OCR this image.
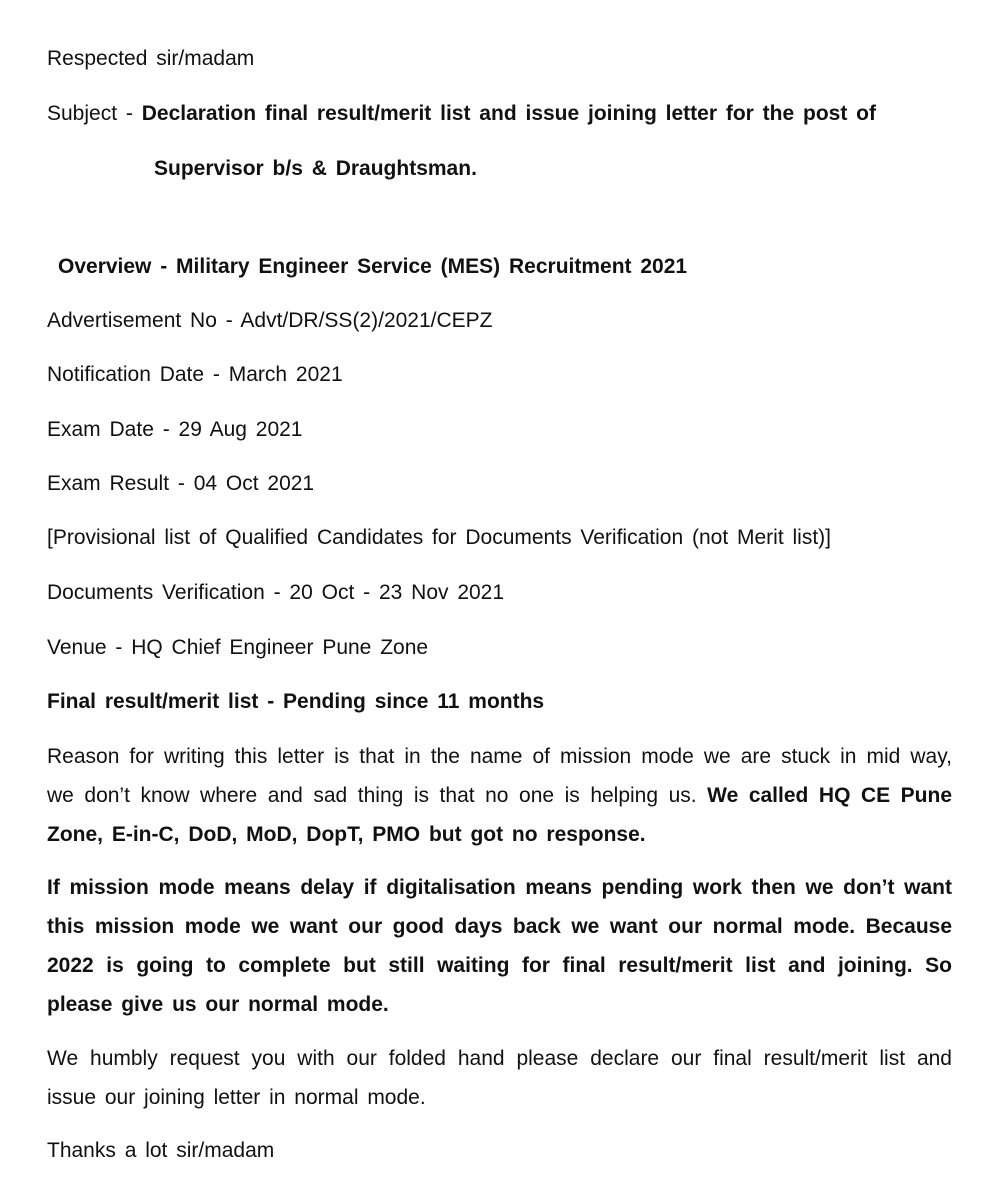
Respected sir/madam
Subject - Declaration final result/merit list and issue joining letter for the post of
Supervisor b/s & Draughtsman.
Overview - Military Engineer Service (MES) Recruitment 2021
Advertisement No - Advt/DR/SS(2)/2021/CEPZ
Notification Date - March 2021
Exam Date - 29 Aug 2021
Exam Result - 04 Oct 2021
[Provisional list of Qualified Candidates for Documents Verification (not Merit list)]
Documents Verification - 20 Oct - 23 Nov 2021
Venue - HQ Chief Engineer Pune Zone
Final result/merit list - Pending since 11 months
Reason for writing this letter is that in the name of mission mode we are stuck in mid way, we don’t know where and sad thing is that no one is helping us. We called HQ CE Pune Zone, E-in-C, DoD, MoD, DopT, PMO but got no response.
If mission mode means delay if digitalisation means pending work then we don’t want this mission mode we want our good days back we want our normal mode. Because 2022 is going to complete but still waiting for final result/merit list and joining. So please give us our normal mode.
We humbly request you with our folded hand please declare our final result/merit list and issue our joining letter in normal mode.
Thanks a lot sir/madam
